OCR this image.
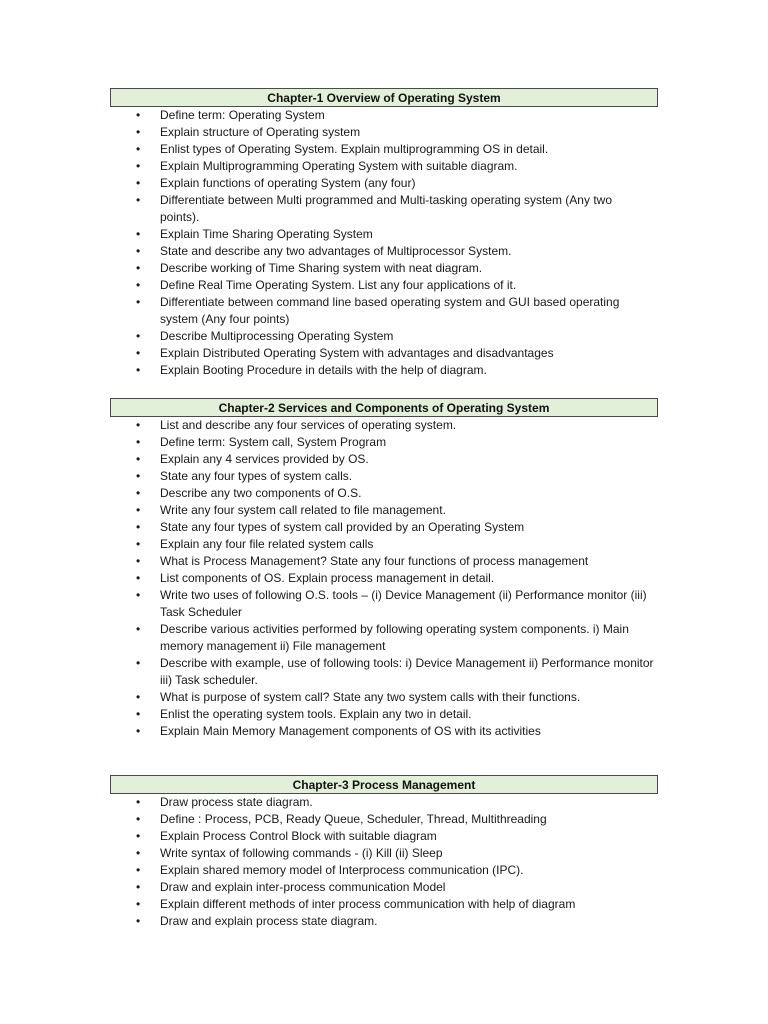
Chapter-1 Overview of Operating System
• Define term: Operating System
• Explain structure of Operating system
• Enlist types of Operating System. Explain multiprogramming OS in detail.
• Explain Multiprogramming Operating System with suitable diagram.
• Explain functions of operating System (any four)
• Differentiate between Multi programmed and Multi-tasking operating system (Any two points).
• Explain Time Sharing Operating System
• State and describe any two advantages of Multiprocessor System.
• Describe working of Time Sharing system with neat diagram.
• Define Real Time Operating System. List any four applications of it.
• Differentiate between command line based operating system and GUI based operating system (Any four points)
• Describe Multiprocessing Operating System
• Explain Distributed Operating System with advantages and disadvantages
• Explain Booting Procedure in details with the help of diagram.
Chapter-2 Services and Components of Operating System
• List and describe any four services of operating system.
• Define term: System call, System Program
• Explain any 4 services provided by OS.
• State any four types of system calls.
• Describe any two components of O.S.
• Write any four system call related to file management.
• State any four types of system call provided by an Operating System
• Explain any four file related system calls
• What is Process Management? State any four functions of process management
• List components of OS. Explain process management in detail.
• Write two uses of following O.S. tools – (i) Device Management (ii) Performance monitor (iii) Task Scheduler
• Describe various activities performed by following operating system components. i) Main memory management ii) File management
• Describe with example, use of following tools: i) Device Management ii) Performance monitor iii) Task scheduler.
• What is purpose of system call? State any two system calls with their functions.
• Enlist the operating system tools. Explain any two in detail.
• Explain Main Memory Management components of OS with its activities
Chapter-3 Process Management
• Draw process state diagram.
• Define : Process, PCB, Ready Queue, Scheduler, Thread, Multithreading
• Explain Process Control Block with suitable diagram
• Write syntax of following commands - (i) Kill (ii) Sleep
• Explain shared memory model of Interprocess communication (IPC).
• Draw and explain inter-process communication Model
• Explain different methods of inter process communication with help of diagram
• Draw and explain process state diagram.
